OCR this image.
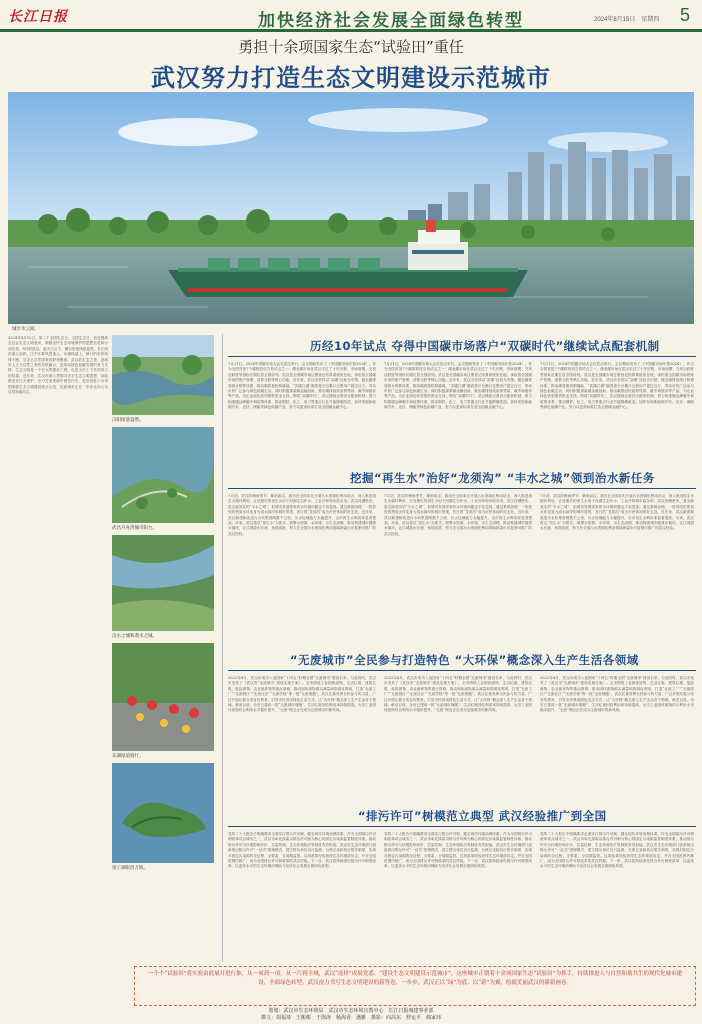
长江日报	加快经济社会发展全面绿色转型	2024年8月15日　星期四 5
勇担十余项国家生态“试验田”重任
武汉努力打造生态文明建设示范城市
城市水云间。
2024年8月15日，第二个全国生态日。全国生态日，旨在提高全社会生态文明意识，增强全民生态环境保护的思想自觉和行动自觉。8月的武汉，蓝天白云下，满目皆是绿意盎然。长江两岸游人如织，江中江畔风景迷人。东湖绿道上，骑行的市民络绎不绝，尽享大自然带来的舒适惬意。武汉的生态之美，是城市人文与自然之美的有机融合，是推动绿色低碳发展的有力支撑。生态文明是一个宏大的建设工程，也是全市上下共同努力的结果。近年来，武汉市深入贯彻习近平生态文明思想，持续推进长江大保护，全力打造美丽中国先行区，先后获批十余项国家级生态文明建设试点示范，这座城市正在一步步走向人与自然和谐共生。
汉阳绿意盎然。
武昌月亮湾城市阳台。
汉水之城和谐水之城。
东湖绿道骑行。
梁子湖眼泪万顷。
历经10年试点 夺得中国碳市场落户“双碳时代”继续试点配套机制
7月21日，2024中国碳市场大会在武汉举行，会议期间发布了《中国碳市场年报2024》。作为全国首批7个碳排放权交易试点之一，湖北碳市场在武汉走过了十年历程，市场规模、交易活跃度等指标长期位居全国前列。武汉是全国碳市场注册登记结算系统所在地，承担着全国碳市场的账户管理、清算交收等核心功能。近年来，武汉市坚持以“双碳”目标为引领，健全碳排放统计核算体系，推动碳普惠机制落地，“武碳江湖”碳普惠平台累计注册用户超过百万，带动市民广泛参与绿色低碳生活。同时积极探索碳金融创新，推出碳排放权质押贷款、碳中和债券等产品，为企业绿色转型提供资金支持。围绕“双碳时代”，武汉继续完善试点配套机制，着力构建碳达峰碳中和政策体系，推动钢铁、化工、电力等重点行业节能降碳改造，加快发展新能源汽车、光伏、储能等绿色低碳产业，努力以更高标准打造全国碳金融中心。
7月21日，2024中国碳市场大会在武汉举行，会议期间发布了《中国碳市场年报2024》。作为全国首批7个碳排放权交易试点之一，湖北碳市场在武汉走过了十年历程，市场规模、交易活跃度等指标长期位居全国前列。武汉是全国碳市场注册登记结算系统所在地，承担着全国碳市场的账户管理、清算交收等核心功能。近年来，武汉市坚持以“双碳”目标为引领，健全碳排放统计核算体系，推动碳普惠机制落地，“武碳江湖”碳普惠平台累计注册用户超过百万，带动市民广泛参与绿色低碳生活。同时积极探索碳金融创新，推出碳排放权质押贷款、碳中和债券等产品，为企业绿色转型提供资金支持。围绕“双碳时代”，武汉继续完善试点配套机制，着力构建碳达峰碳中和政策体系，推动钢铁、化工、电力等重点行业节能降碳改造，加快发展新能源汽车、光伏、储能等绿色低碳产业，努力以更高标准打造全国碳金融中心。
7月21日，2024中国碳市场大会在武汉举行，会议期间发布了《中国碳市场年报2024》。作为全国首批7个碳排放权交易试点之一，湖北碳市场在武汉走过了十年历程，市场规模、交易活跃度等指标长期位居全国前列。武汉是全国碳市场注册登记结算系统所在地，承担着全国碳市场的账户管理、清算交收等核心功能。近年来，武汉市坚持以“双碳”目标为引领，健全碳排放统计核算体系，推动碳普惠机制落地，“武碳江湖”碳普惠平台累计注册用户超过百万，带动市民广泛参与绿色低碳生活。同时积极探索碳金融创新，推出碳排放权质押贷款、碳中和债券等产品，为企业绿色转型提供资金支持。围绕“双碳时代”，武汉继续完善试点配套机制，着力构建碳达峰碳中和政策体系，推动钢铁、化工、电力等重点行业节能降碳改造，加快发展新能源汽车、光伏、储能等绿色低碳产业，努力以更高标准打造全国碳金融中心。
挖掘“再生水”治好“龙须沟” “丰水之城”领到治水新任务
7月初，武汉的梅雨季节，暴雨如注。我市在全国率先开展污水资源化利用试点，深入推进再生水循环利用，让处理后的再生水用于河湖生态补水、工业冷却和市政杂用。武汉河湖密布，是名副其实的“丰水之城”，但城市发展带来的水环境问题也不容忽视。通过系统治理，一批曾经的黑臭水体变身为清水绿岸的城市景观，昔日的“龙须沟”成为市民休闲的好去处。近年来，武汉新建和改造污水收集管网数千公里，污水处理能力大幅提升，全市再生水利用率显著提高。未来，武汉将以“再生水”为抓手，统筹水资源、水环境、水生态治理，推动构建城市健康水循环，让江城碧水长流、鱼翔浅底，努力在全国污水资源化利用领域探索出可复制可推广的武汉经验。
7月初，武汉的梅雨季节，暴雨如注。我市在全国率先开展污水资源化利用试点，深入推进再生水循环利用，让处理后的再生水用于河湖生态补水、工业冷却和市政杂用。武汉河湖密布，是名副其实的“丰水之城”，但城市发展带来的水环境问题也不容忽视。通过系统治理，一批曾经的黑臭水体变身为清水绿岸的城市景观，昔日的“龙须沟”成为市民休闲的好去处。近年来，武汉新建和改造污水收集管网数千公里，污水处理能力大幅提升，全市再生水利用率显著提高。未来，武汉将以“再生水”为抓手，统筹水资源、水环境、水生态治理，推动构建城市健康水循环，让江城碧水长流、鱼翔浅底，努力在全国污水资源化利用领域探索出可复制可推广的武汉经验。
7月初，武汉的梅雨季节，暴雨如注。我市在全国率先开展污水资源化利用试点，深入推进再生水循环利用，让处理后的再生水用于河湖生态补水、工业冷却和市政杂用。武汉河湖密布，是名副其实的“丰水之城”，但城市发展带来的水环境问题也不容忽视。通过系统治理，一批曾经的黑臭水体变身为清水绿岸的城市景观，昔日的“龙须沟”成为市民休闲的好去处。近年来，武汉新建和改造污水收集管网数千公里，污水处理能力大幅提升，全市再生水利用率显著提高。未来，武汉将以“再生水”为抓手，统筹水资源、水环境、水生态治理，推动构建城市健康水循环，让江城碧水长流、鱼翔浅底，努力在全国污水资源化利用领域探索出可复制可推广的武汉经验。
“无废城市”全民参与打造特色 “大环保”概念深入生产生活各领域
2022年4月，武汉市成功入选国家“十四五”时期全国“无废城市”建设名单，与此同时，武汉市发布了《武汉市“无废城市”建设实施方案》。全市围绕工业固体废物、生活垃圾、建筑垃圾、危险废物、农业废弃物等重点领域，推动固体废物源头减量和资源化利用，打造“无废工厂”“无废园区”“无废社区”“无废学校”等一批“无废细胞”。武汉注重发挥全民参与的力量，广泛开展垃圾分类宣传教育，引导市民养成绿色生活方式，让“大环保”概念深入生产生活各个领域。截至目前，全市已建成一批“无废城市细胞”，生活垃圾回收利用率持续提高，大宗工业固体废物综合利用水平稳步提升，“无废”理念正在成为这座城市的新风尚。
2022年4月，武汉市成功入选国家“十四五”时期全国“无废城市”建设名单，与此同时，武汉市发布了《武汉市“无废城市”建设实施方案》。全市围绕工业固体废物、生活垃圾、建筑垃圾、危险废物、农业废弃物等重点领域，推动固体废物源头减量和资源化利用，打造“无废工厂”“无废园区”“无废社区”“无废学校”等一批“无废细胞”。武汉注重发挥全民参与的力量，广泛开展垃圾分类宣传教育，引导市民养成绿色生活方式，让“大环保”概念深入生产生活各个领域。截至目前，全市已建成一批“无废城市细胞”，生活垃圾回收利用率持续提高，大宗工业固体废物综合利用水平稳步提升，“无废”理念正在成为这座城市的新风尚。
2022年4月，武汉市成功入选国家“十四五”时期全国“无废城市”建设名单，与此同时，武汉市发布了《武汉市“无废城市”建设实施方案》。全市围绕工业固体废物、生活垃圾、建筑垃圾、危险废物、农业废弃物等重点领域，推动固体废物源头减量和资源化利用，打造“无废工厂”“无废园区”“无废社区”“无废学校”等一批“无废细胞”。武汉注重发挥全民参与的力量，广泛开展垃圾分类宣传教育，引导市民养成绿色生活方式，让“大环保”概念深入生产生活各个领域。截至目前，全市已建成一批“无废城市细胞”，生活垃圾回收利用率持续提高，大宗工业固体废物综合利用水平稳步提升，“无废”理念正在成为这座城市的新风尚。
“排污许可”树模范立典型 武汉经验推广到全国
党的二十大报告中明确要求全面实行排污许可制，健全现代环境治理体系。作为全国排污许可制改革试点城市之一，武汉市率先探索以排污许可制为核心的固定污染源监管制度体系，推动排污许可与环境影响评价、总量控制、生态环境执法等制度有效衔接。武汉市生态环境部门创新推出排污许可“一证式”管理模式，建立排污单位自行监测、台账记录和执行报告制度，实现对固定污染源的全过程、全要素、全周期监管。这项改革经验获得生态环境部肯定，并在全国范围内推广，成为全国排污许可制改革的武汉样板。下一步，武汉将持续深化排污许可制度改革，以更高水平的生态环境治理助力经济社会发展全面绿色转型。
党的二十大报告中明确要求全面实行排污许可制，健全现代环境治理体系。作为全国排污许可制改革试点城市之一，武汉市率先探索以排污许可制为核心的固定污染源监管制度体系，推动排污许可与环境影响评价、总量控制、生态环境执法等制度有效衔接。武汉市生态环境部门创新推出排污许可“一证式”管理模式，建立排污单位自行监测、台账记录和执行报告制度，实现对固定污染源的全过程、全要素、全周期监管。这项改革经验获得生态环境部肯定，并在全国范围内推广，成为全国排污许可制改革的武汉样板。下一步，武汉将持续深化排污许可制度改革，以更高水平的生态环境治理助力经济社会发展全面绿色转型。
党的二十大报告中明确要求全面实行排污许可制，健全现代环境治理体系。作为全国排污许可制改革试点城市之一，武汉市率先探索以排污许可制为核心的固定污染源监管制度体系，推动排污许可与环境影响评价、总量控制、生态环境执法等制度有效衔接。武汉市生态环境部门创新推出排污许可“一证式”管理模式，建立排污单位自行监测、台账记录和执行报告制度，实现对固定污染源的全过程、全要素、全周期监管。这项改革经验获得生态环境部肯定，并在全国范围内推广，成为全国排污许可制改革的武汉样板。下一步，武汉将持续深化排污许可制度改革，以更高水平的生态环境治理助力经济社会发展全面绿色转型。
一个个“试验田”将实验由此展开进行推，从一项到一项，从一片到全域，武汉“选择”成展党悉。“建设生态文明建设示范城市”，这座城市正朝着十余项国家生态“试验田”为抓手，持续推进人与自然和谐共生的现代化城市建设，全面绿色转型，武汉奋力书写生态文明建设的新答卷，一步步，武汉正以“绿”为底、以“新”为翼，绘就美丽武汉的崭新画卷。
策划：武汉市生态环境局　武汉市生态环境宣教中心　长江日报城建事业部
撰文：胡福琦　王彬彬　于海涛　杨海香　潘雅　摄影：向高东　舒运平　韩家玮
